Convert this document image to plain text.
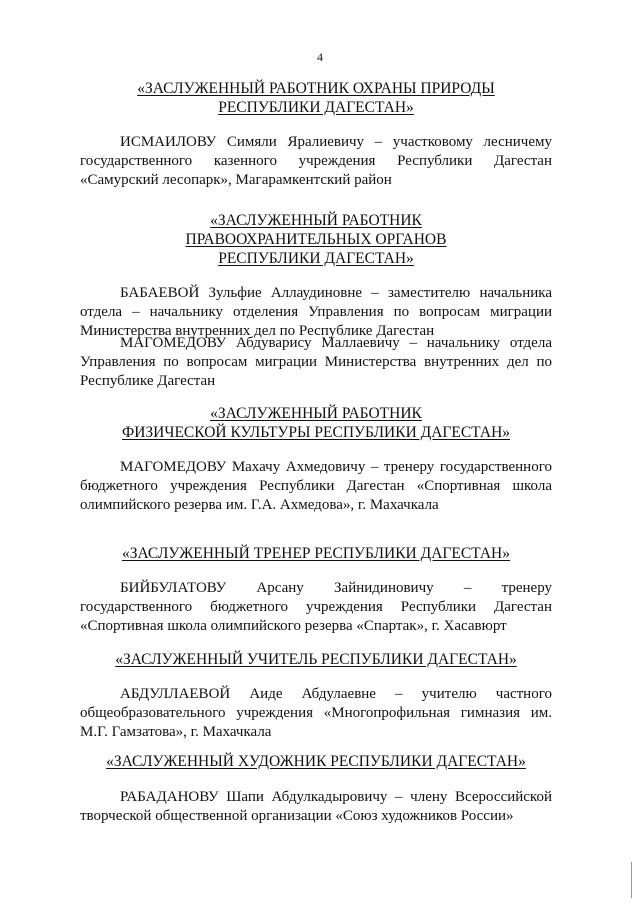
4
«ЗАСЛУЖЕННЫЙ РАБОТНИК ОХРАНЫ ПРИРОДЫ
РЕСПУБЛИКИ ДАГЕСТАН»

ИСМАИЛОВУ Симяли Яралиевичу – участковому лесничему государственного казенного учреждения Республики Дагестан «Самурский лесопарк», Магарамкентский район

«ЗАСЛУЖЕННЫЙ РАБОТНИК
ПРАВООХРАНИТЕЛЬНЫХ ОРГАНОВ
РЕСПУБЛИКИ ДАГЕСТАН»

БАБАЕВОЙ Зульфие Аллаудиновне – заместителю начальника отдела – начальнику отделения Управления по вопросам миграции Министерства внутренних дел по Республике Дагестан

МАГОМЕДОВУ Абдуварису Маллаевичу – начальнику отдела Управления по вопросам миграции Министерства внутренних дел по Республике Дагестан

«ЗАСЛУЖЕННЫЙ РАБОТНИК
ФИЗИЧЕСКОЙ КУЛЬТУРЫ РЕСПУБЛИКИ ДАГЕСТАН»

МАГОМЕДОВУ Махачу Ахмедовичу – тренеру государственного бюджетного учреждения Республики Дагестан «Спортивная школа олимпийского резерва им. Г.А. Ахмедова», г. Махачкала

«ЗАСЛУЖЕННЫЙ ТРЕНЕР РЕСПУБЛИКИ ДАГЕСТАН»

БИЙБУЛАТОВУ Арсану Зайнидиновичу – тренеру государственного бюджетного учреждения Республики Дагестан «Спортивная школа олимпийского резерва «Спартак», г. Хасавюрт

«ЗАСЛУЖЕННЫЙ УЧИТЕЛЬ РЕСПУБЛИКИ ДАГЕСТАН»

АБДУЛЛАЕВОЙ Аиде Абдулаевне – учителю частного общеобразовательного учреждения «Многопрофильная гимназия им. М.Г. Гамзатова», г. Махачкала

«ЗАСЛУЖЕННЫЙ ХУДОЖНИК РЕСПУБЛИКИ ДАГЕСТАН»

РАБАДАНОВУ Шапи Абдулкадыровичу – члену Всероссийской творческой общественной организации «Союз художников России»
